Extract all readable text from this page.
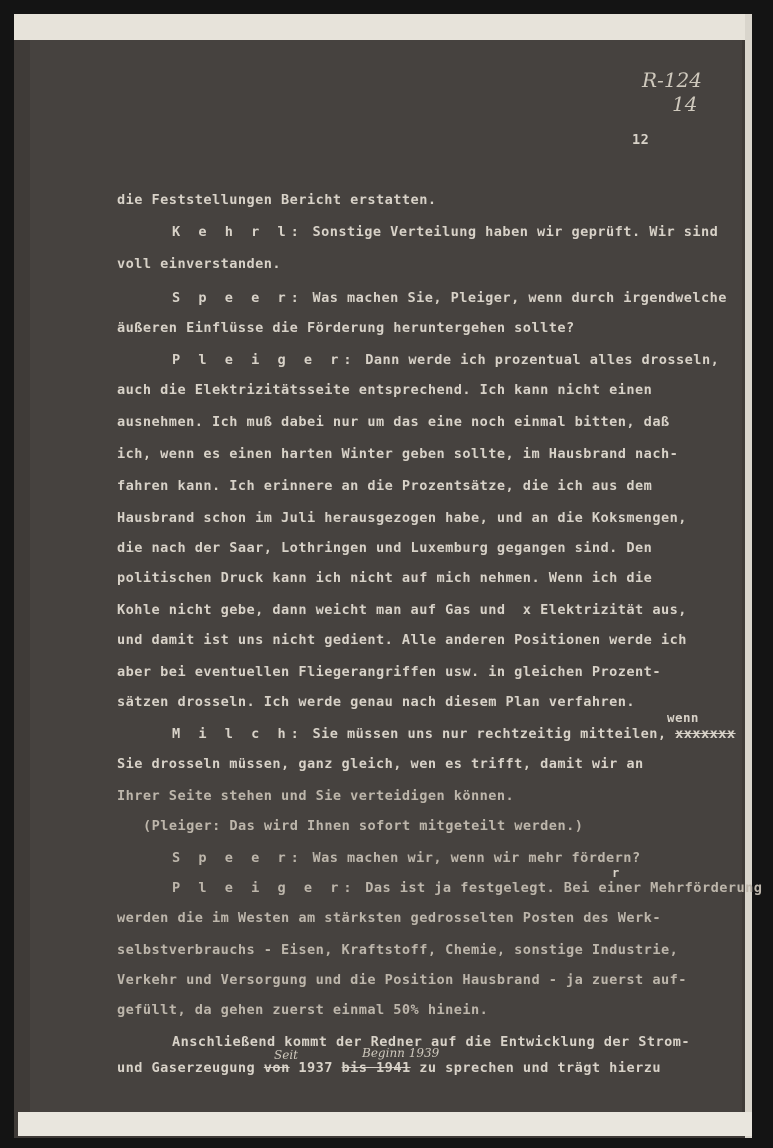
R-124
14
12
die Feststellungen Bericht erstatten.
K e h r l: Sonstige Verteilung haben wir geprüft. Wir sind
voll einverstanden.
S p e e r: Was machen Sie, Pleiger, wenn durch irgendwelche
äußeren Einflüsse die Förderung heruntergehen sollte?
P l e i g e r: Dann werde ich prozentual alles drosseln,
auch die Elektrizitätsseite entsprechend. Ich kann nicht einen
ausnehmen. Ich muß dabei nur um das eine noch einmal bitten, daß
ich, wenn es einen harten Winter geben sollte, im Hausbrand nach-
fahren kann. Ich erinnere an die Prozentsätze, die ich aus dem
Hausbrand schon im Juli herausgezogen habe, und an die Koksmengen,
die nach der Saar, Lothringen und Luxemburg gegangen sind. Den
politischen Druck kann ich nicht auf mich nehmen. Wenn ich die
Kohle nicht gebe, dann weicht man auf Gas und  x Elektrizität aus,
und damit ist uns nicht gedient. Alle anderen Positionen werde ich
aber bei eventuellen Fliegerangriffen usw. in gleichen Prozent-
sätzen drosseln. Ich werde genau nach diesem Plan verfahren.
wenn
M i l c h: Sie müssen uns nur rechtzeitig mitteilen, xxxxxxx
Sie drosseln müssen, ganz gleich, wen es trifft, damit wir an
Ihrer Seite stehen und Sie verteidigen können.
(Pleiger: Das wird Ihnen sofort mitgeteilt werden.)
S p e e r: Was machen wir, wenn wir mehr fördern?
r
P l e i g e r: Das ist ja festgelegt. Bei einer Mehrförderung
werden die im Westen am stärksten gedrosselten Posten des Werk-
selbstverbrauchs - Eisen, Kraftstoff, Chemie, sonstige Industrie,
Verkehr und Versorgung und die Position Hausbrand - ja zuerst auf-
gefüllt, da gehen zuerst einmal 50% hinein.
Anschließend kommt der Redner auf die Entwicklung der Strom-
Seit	Beginn 1939
und Gaserzeugung von 1937 bis 1941 zu sprechen und trägt hierzu
